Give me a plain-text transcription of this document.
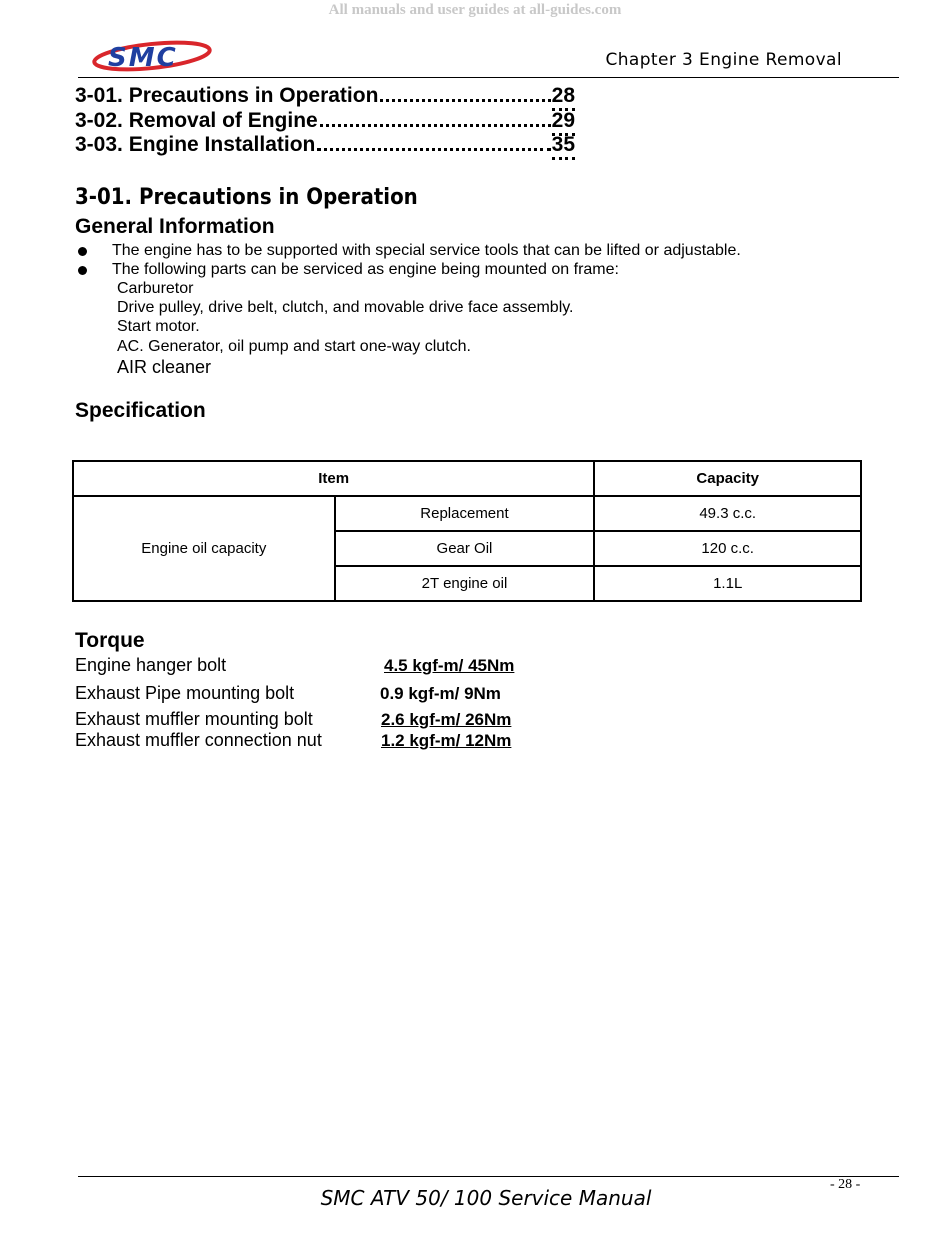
All manuals and user guides at all-guides.com
SMC	Chapter 3 Engine Removal
3-01. Precautions in Operation	28
3-02. Removal of Engine	29
3-03. Engine Installation	35
3-01. Precautions in Operation
General Information
The engine has to be supported with special service tools that can be lifted or adjustable.
The following parts can be serviced as engine being mounted on frame:
Carburetor
Drive pulley, drive belt, clutch, and movable drive face assembly.
Start motor.
AC. Generator, oil pump and start one-way clutch.
AIR cleaner
Specification
Item		Capacity
Engine oil capacity	Replacement	49.3 c.c.
	Gear Oil	120 c.c.
	2T engine oil	1.1L
Torque
Engine hanger bolt	4.5 kgf-m/ 45Nm
Exhaust Pipe mounting bolt	0.9 kgf-m/ 9Nm
Exhaust muffler mounting bolt	2.6 kgf-m/ 26Nm
Exhaust muffler connection nut	1.2 kgf-m/ 12Nm
- 28 -
SMC ATV 50/ 100 Service Manual
